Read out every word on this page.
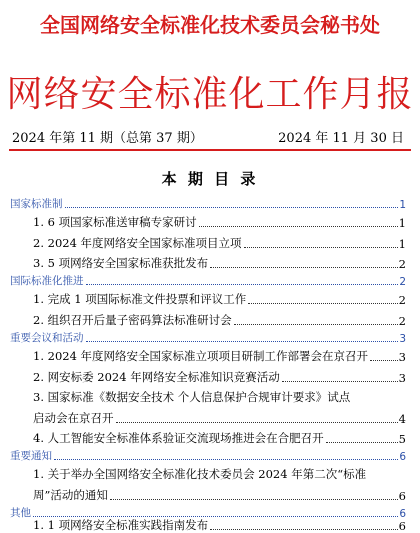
全国网络安全标准化技术委员会秘书处
网络安全标准化工作月报
2024 年第 11 期（总第 37 期）	2024 年 11 月 30 日
本 期 目 录
国家标准制	1
1. 6 项国家标准送审稿专家研讨	1
2. 2024 年度网络安全国家标准项目立项	1
3. 5 项网络安全国家标准获批发布	2
国际标准化推进	2
1. 完成 1 项国际标准文件投票和评议工作	2
2. 组织召开后量子密码算法标准研讨会	2
重要会议和活动	3
1. 2024 年度网络安全国家标准立项项目研制工作部署会在京召开	3
2. 网安标委 2024 年网络安全标准知识竞赛活动	3
3. 国家标准《数据安全技术 个人信息保护合规审计要求》试点
启动会在京召开	4
4. 人工智能安全标准体系验证交流现场推进会在合肥召开	5
重要通知	6
1. 关于举办全国网络安全标准化技术委员会 2024 年第二次“标准
周”活动的通知	6
其他	6
1. 1 项网络安全标准实践指南发布	6
